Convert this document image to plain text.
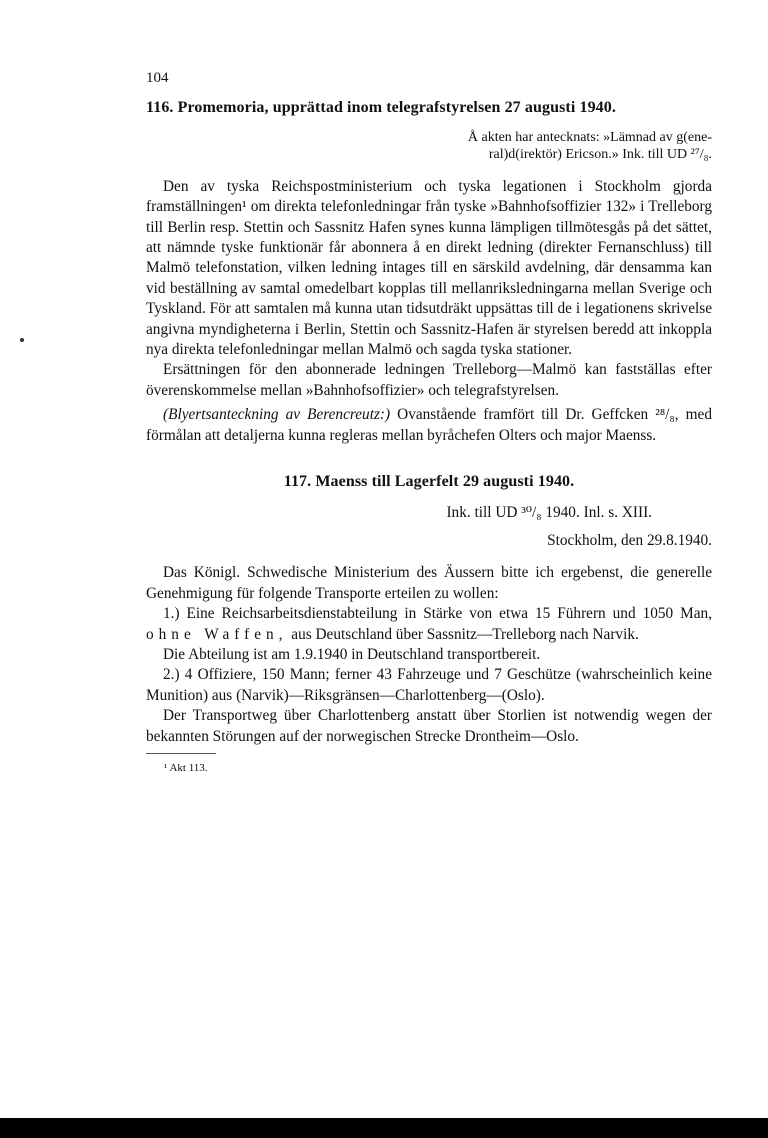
104
116. Promemoria, upprättad inom telegrafstyrelsen 27 augusti 1940.
Å akten har antecknats: »Lämnad av g(ene-
ral)d(irektör) Ericson.» Ink. till UD ²⁷/₈.

Den av tyska Reichspostministerium och tyska legationen i Stockholm gjorda framställningen¹ om direkta telefonledningar från tyske »Bahnhofsoffizier 132» i Trelleborg till Berlin resp. Stettin och Sassnitz Hafen synes kunna lämpligen tillmötesgås på det sättet, att nämnde tyske funktionär får abonnera å en direkt ledning (direkter Fernanschluss) till Malmö telefonstation, vilken ledning intages till en särskild avdelning, där densamma kan vid beställning av samtal omedelbart kopplas till mellanriksledningarna mellan Sverige och Tyskland. För att samtalen må kunna utan tidsutdräkt uppsättas till de i legationens skrivelse angivna myndigheterna i Berlin, Stettin och Sassnitz-Hafen är styrelsen beredd att inkoppla nya direkta telefonledningar mellan Malmö och sagda tyska stationer.

Ersättningen för den abonnerade ledningen Trelleborg—Malmö kan fastställas efter överenskommelse mellan »Bahnhofsoffizier» och telegrafstyrelsen.

(Blyertsanteckning av Berencreutz:) Ovanstående framfört till Dr. Geffcken ²⁸/₈, med förmålan att detaljerna kunna regleras mellan byråchefen Olters och major Maenss.

117. Maenss till Lagerfelt 29 augusti 1940.
Ink. till UD ³⁰/₈ 1940. Inl. s. XIII.
Stockholm, den 29.8.1940.

Das Königl. Schwedische Ministerium des Äussern bitte ich ergebenst, die generelle Genehmigung für folgende Transporte erteilen zu wollen:

1.) Eine Reichsarbeitsdienstabteilung in Stärke von etwa 15 Führern und 1050 Man, ohne Waffen, aus Deutschland über Sassnitz—Trelleborg nach Narvik.

Die Abteilung ist am 1.9.1940 in Deutschland transportbereit.

2.) 4 Offiziere, 150 Mann; ferner 43 Fahrzeuge und 7 Geschütze (wahrscheinlich keine Munition) aus (Narvik)—Riksgränsen—Charlottenberg—(Oslo).

Der Transportweg über Charlottenberg anstatt über Storlien ist notwendig wegen der bekannten Störungen auf der norwegischen Strecke Drontheim—Oslo.

¹ Akt 113.
